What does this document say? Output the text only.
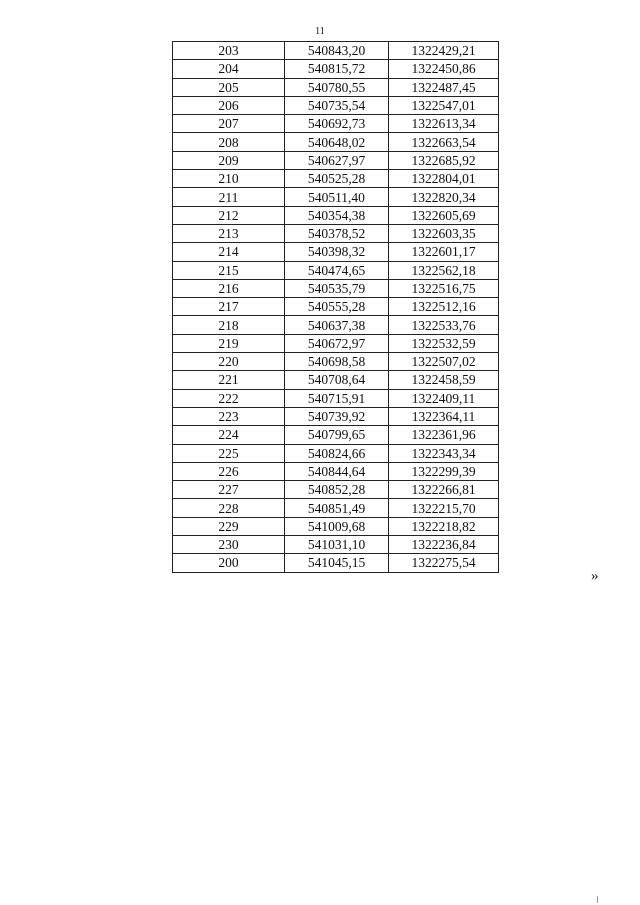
11
203	540843,20	1322429,21
204	540815,72	1322450,86
205	540780,55	1322487,45
206	540735,54	1322547,01
207	540692,73	1322613,34
208	540648,02	1322663,54
209	540627,97	1322685,92
210	540525,28	1322804,01
211	540511,40	1322820,34
212	540354,38	1322605,69
213	540378,52	1322603,35
214	540398,32	1322601,17
215	540474,65	1322562,18
216	540535,79	1322516,75
217	540555,28	1322512,16
218	540637,38	1322533,76
219	540672,97	1322532,59
220	540698,58	1322507,02
221	540708,64	1322458,59
222	540715,91	1322409,11
223	540739,92	1322364,11
224	540799,65	1322361,96
225	540824,66	1322343,34
226	540844,64	1322299,39
227	540852,28	1322266,81
228	540851,49	1322215,70
229	541009,68	1322218,82
230	541031,10	1322236,84
200	541045,15	1322275,54
»
